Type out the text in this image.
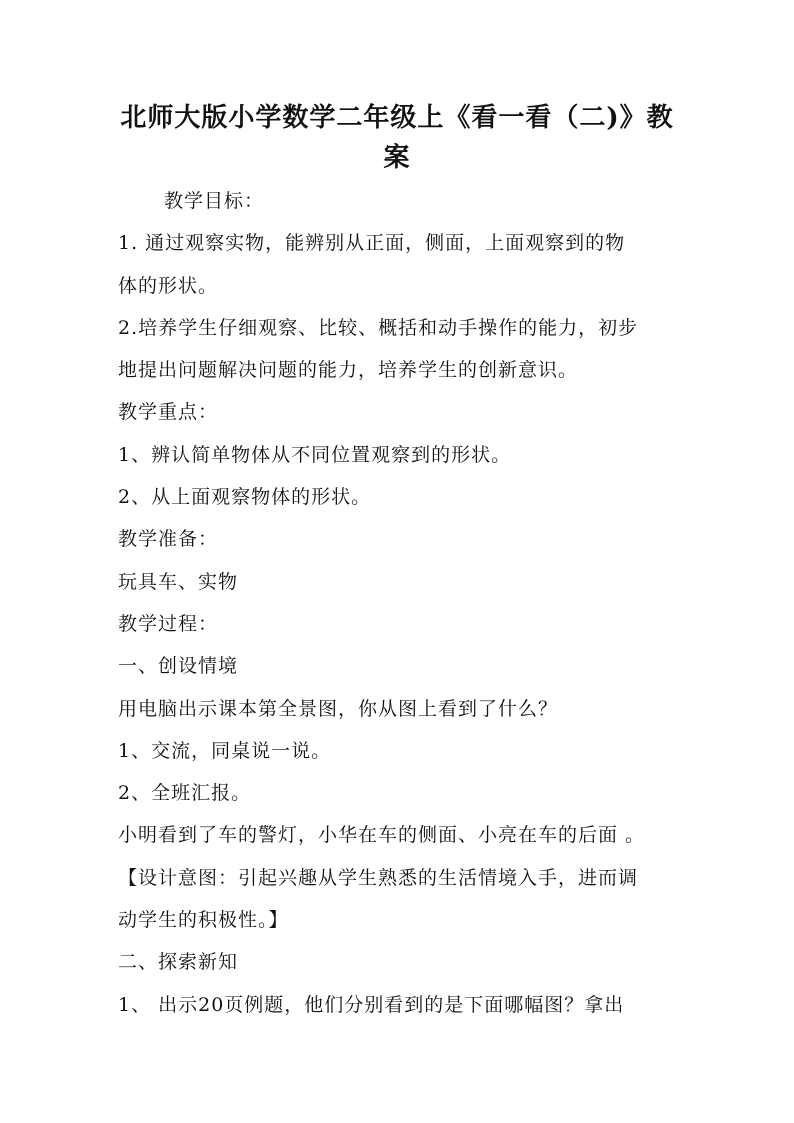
北师大版小学数学二年级上《看一看（二)》教
案

教学目标：

1. 通过观察实物，能辨别从正面，侧面，上面观察到的物

体的形状。

2.培养学生仔细观察、比较、概括和动手操作的能力，初步

地提出问题解决问题的能力，培养学生的创新意识。

教学重点：

1、辨认简单物体从不同位置观察到的形状。

2、从上面观察物体的形状。

教学准备：

玩具车、实物

教学过程：

一、创设情境

用电脑出示课本第全景图，你从图上看到了什么？

1、交流，同桌说一说。

2、全班汇报。

小明看到了车的警灯，小华在车的侧面、小亮在车的后面 。

【设计意图：引起兴趣从学生熟悉的生活情境入手，进而调

动学生的积极性。】

二、探索新知

1、 出示20页例题，他们分别看到的是下面哪幅图？拿出
